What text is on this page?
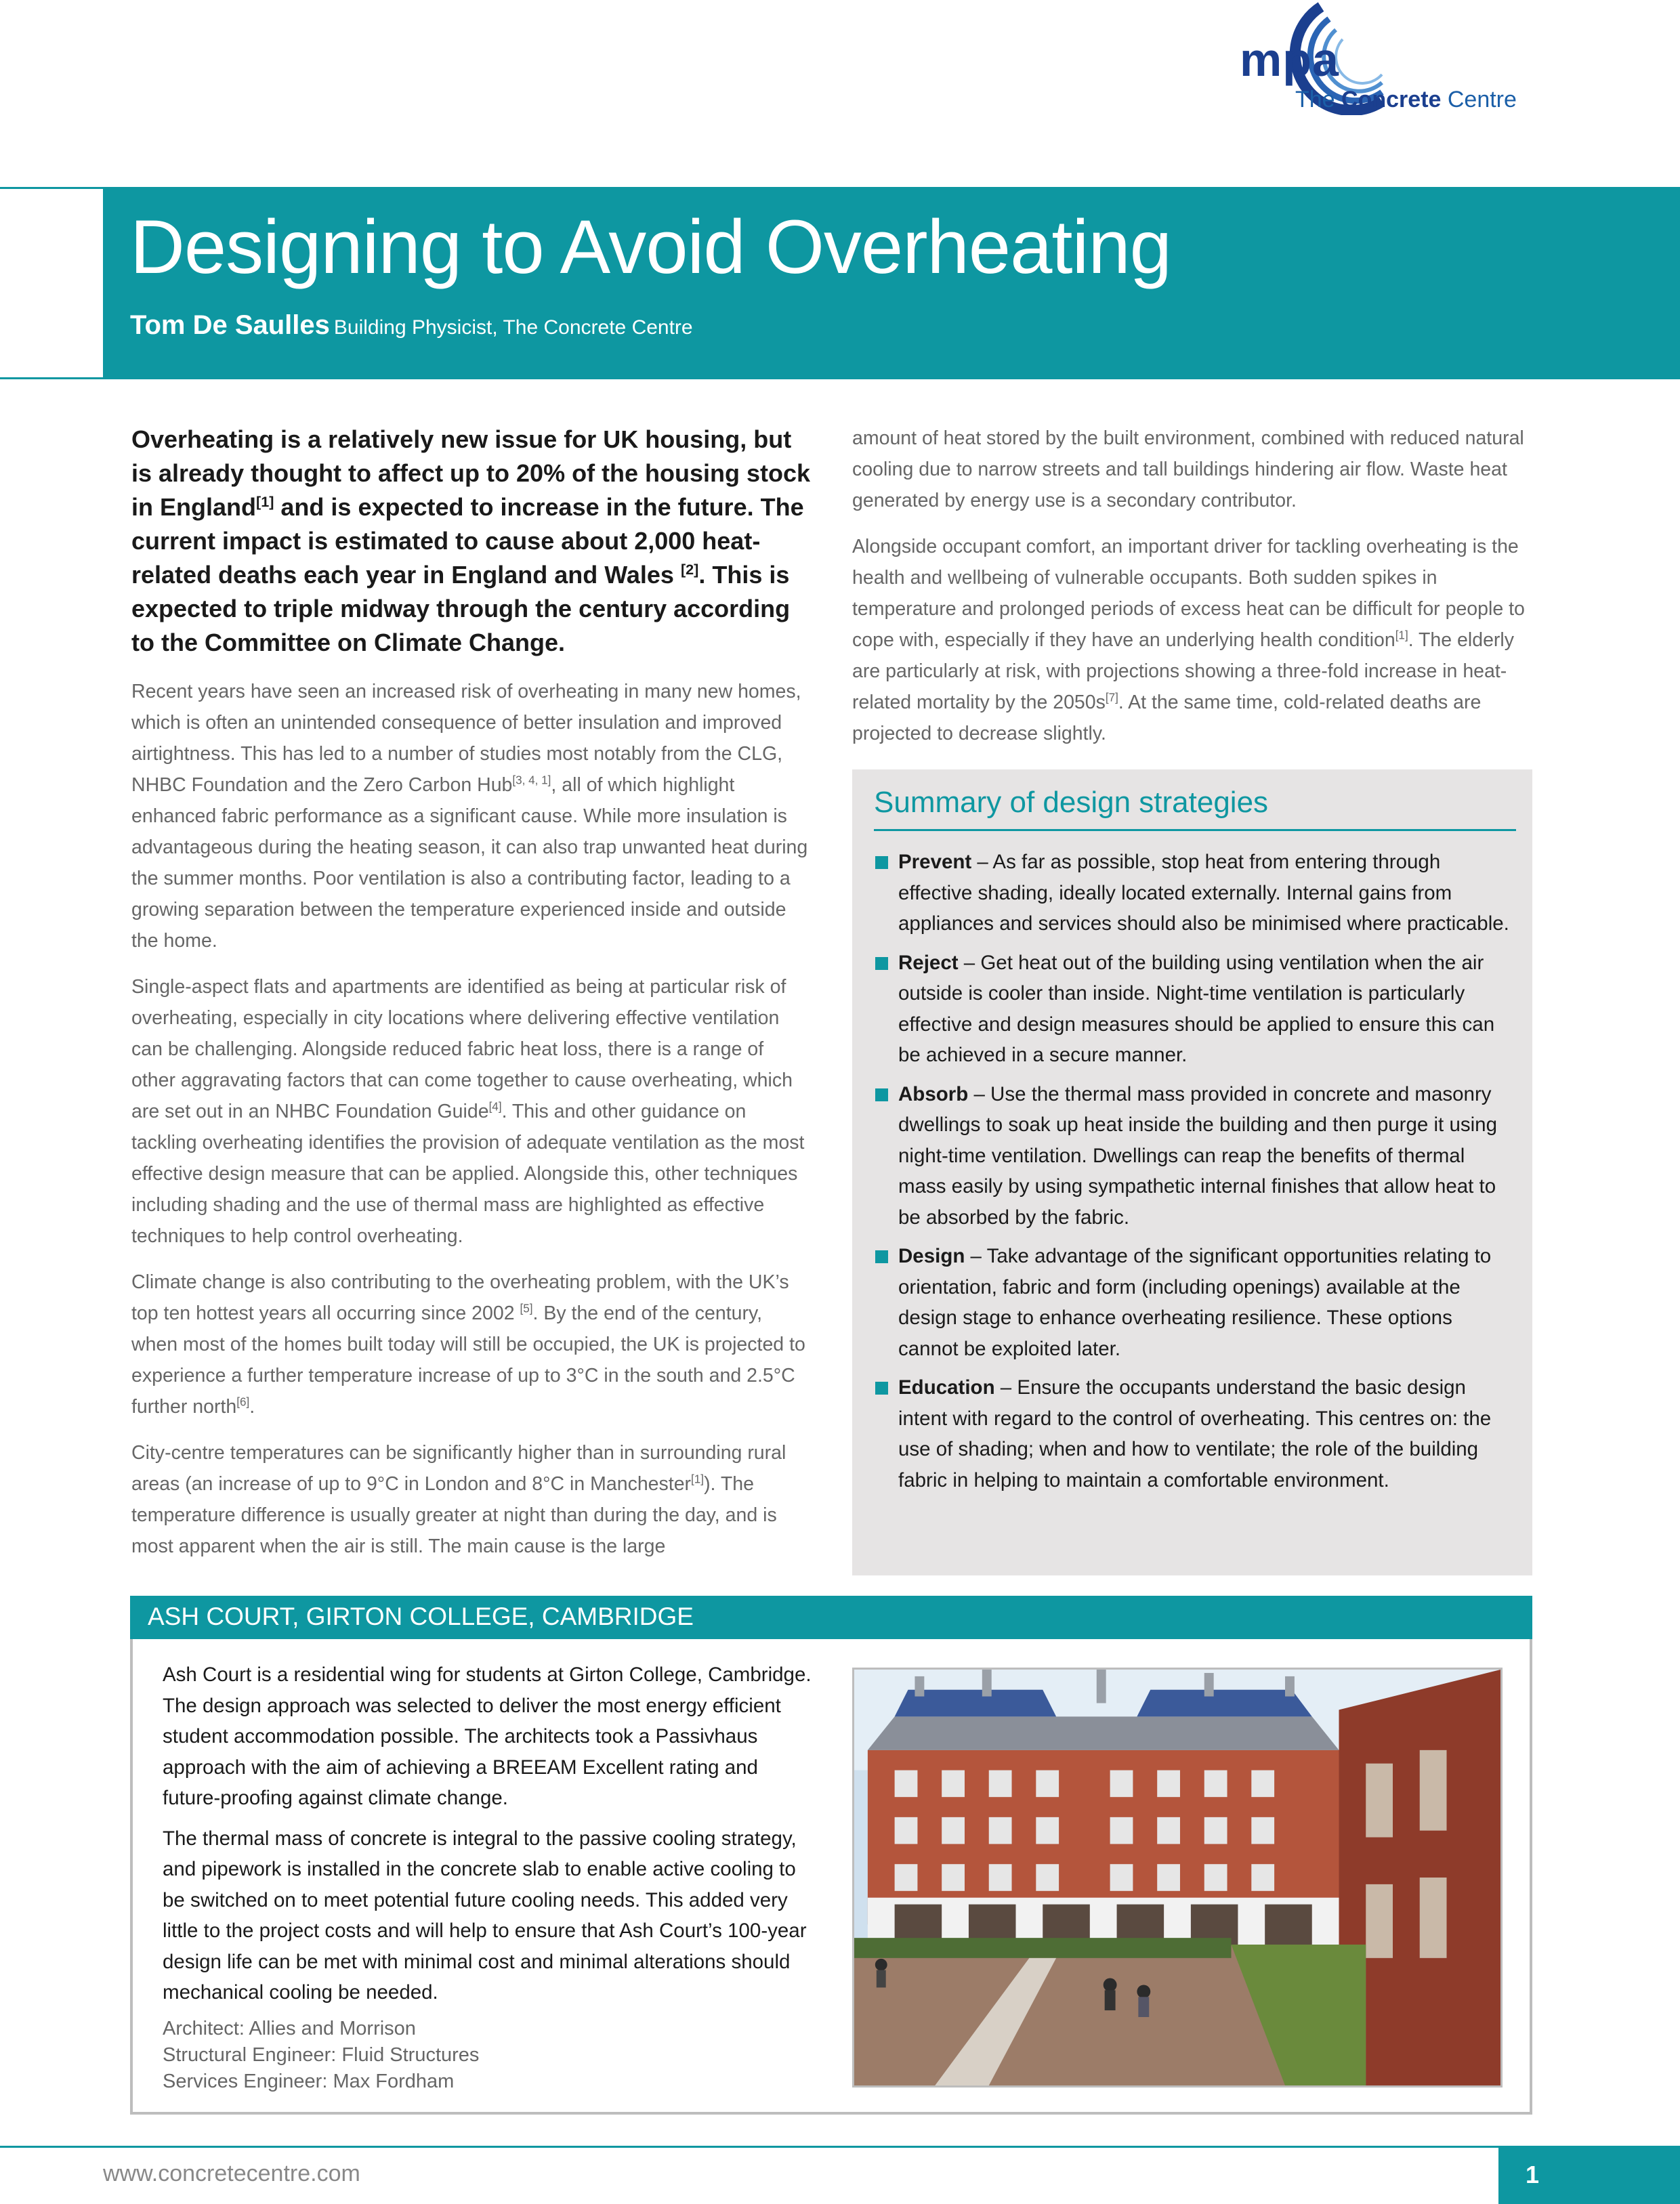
mpa
The Concrete Centre
Designing to Avoid Overheating
Tom De Saulles Building Physicist, The Concrete Centre

Overheating is a relatively new issue for UK housing, but is already thought to affect up to 20% of the housing stock in England[1] and is expected to increase in the future. The current impact is estimated to cause about 2,000 heat-related deaths each year in England and Wales [2]. This is expected to triple midway through the century according to the Committee on Climate Change.

Recent years have seen an increased risk of overheating in many new homes, which is often an unintended consequence of better insulation and improved airtightness. This has led to a number of studies most notably from the CLG, NHBC Foundation and the Zero Carbon Hub[3, 4, 1], all of which highlight enhanced fabric performance as a significant cause. While more insulation is advantageous during the heating season, it can also trap unwanted heat during the summer months. Poor ventilation is also a contributing factor, leading to a growing separation between the temperature experienced inside and outside the home.

Single-aspect flats and apartments are identified as being at particular risk of overheating, especially in city locations where delivering effective ventilation can be challenging. Alongside reduced fabric heat loss, there is a range of other aggravating factors that can come together to cause overheating, which are set out in an NHBC Foundation Guide[4]. This and other guidance on tackling overheating identifies the provision of adequate ventilation as the most effective design measure that can be applied. Alongside this, other techniques including shading and the use of thermal mass are highlighted as effective techniques to help control overheating.

Climate change is also contributing to the overheating problem, with the UK’s top ten hottest years all occurring since 2002 [5]. By the end of the century, when most of the homes built today will still be occupied, the UK is projected to experience a further temperature increase of up to 3°C in the south and 2.5°C further north[6].

City-centre temperatures can be significantly higher than in surrounding rural areas (an increase of up to 9°C in London and 8°C in Manchester[1]). The temperature difference is usually greater at night than during the day, and is most apparent when the air is still. The main cause is the large

amount of heat stored by the built environment, combined with reduced natural cooling due to narrow streets and tall buildings hindering air flow. Waste heat generated by energy use is a secondary contributor.

Alongside occupant comfort, an important driver for tackling overheating is the health and wellbeing of vulnerable occupants. Both sudden spikes in temperature and prolonged periods of excess heat can be difficult for people to cope with, especially if they have an underlying health condition[1]. The elderly are particularly at risk, with projections showing a three-fold increase in heat-related mortality by the 2050s[7]. At the same time, cold-related deaths are projected to decrease slightly.

Summary of design strategies
Prevent – As far as possible, stop heat from entering through effective shading, ideally located externally. Internal gains from appliances and services should also be minimised where practicable.
Reject – Get heat out of the building using ventilation when the air outside is cooler than inside. Night-time ventilation is particularly effective and design measures should be applied to ensure this can be achieved in a secure manner.
Absorb – Use the thermal mass provided in concrete and masonry dwellings to soak up heat inside the building and then purge it using night-time ventilation. Dwellings can reap the benefits of thermal mass easily by using sympathetic internal finishes that allow heat to be absorbed by the fabric.
Design – Take advantage of the significant opportunities relating to orientation, fabric and form (including openings) available at the design stage to enhance overheating resilience. These options cannot be exploited later.
Education – Ensure the occupants understand the basic design intent with regard to the control of overheating. This centres on: the use of shading; when and how to ventilate; the role of the building fabric in helping to maintain a comfortable environment.
ASH COURT, GIRTON COLLEGE, CAMBRIDGE

Ash Court is a residential wing for students at Girton College, Cambridge. The design approach was selected to deliver the most energy efficient student accommodation possible. The architects took a Passivhaus approach with the aim of achieving a BREEAM Excellent rating and future-proofing against climate change.

The thermal mass of concrete is integral to the passive cooling strategy, and pipework is installed in the concrete slab to enable active cooling to be switched on to meet potential future cooling needs. This added very little to the project costs and will help to ensure that Ash Court’s 100-year design life can be met with minimal cost and minimal alterations should mechanical cooling be needed.

Architect: Allies and Morrison
Structural Engineer: Fluid Structures
Services Engineer: Max Fordham
www.concretecentre.com	1
